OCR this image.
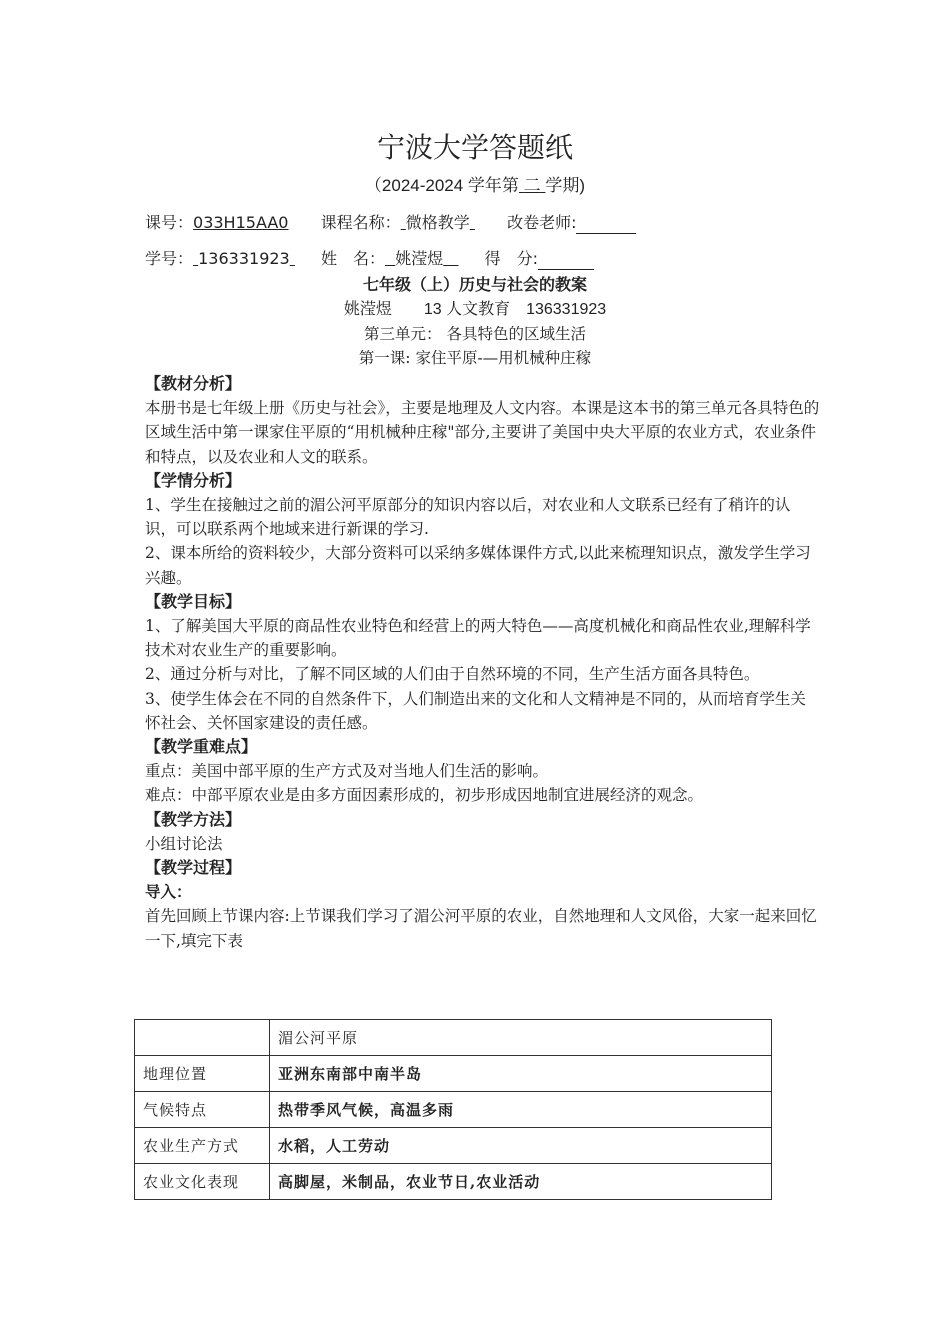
宁波大学答题纸
（2024-2024 学年第 二 学期)
课号：033H15AA0 课程名称： 微格教学 改卷老师:
学号： 136331923 姓　名： 姚滢煜	得　分:
七年级（上）历史与社会的教案
姚滢煜　　13 人文教育　136331923
第三单元： 各具特色的区域生活
第一课: 家住平原-—用机械种庄稼
【教材分析】

本册书是七年级上册《历史与社会》，主要是地理及人文内容。本课是这本书的第三单元各具特色的区域生活中第一课家住平原的“用机械种庄稼"部分,主要讲了美国中央大平原的农业方式，农业条件和特点，以及农业和人文的联系。

【学情分析】

1、学生在接触过之前的湄公河平原部分的知识内容以后，对农业和人文联系已经有了稍许的认识，可以联系两个地域来进行新课的学习.

2、课本所给的资料较少，大部分资料可以采纳多媒体课件方式,以此来梳理知识点，激发学生学习兴趣。

【教学目标】

1、了解美国大平原的商品性农业特色和经营上的两大特色——高度机械化和商品性农业,理解科学技术对农业生产的重要影响。

2、通过分析与对比，了解不同区域的人们由于自然环境的不同，生产生活方面各具特色。

3、使学生体会在不同的自然条件下，人们制造出来的文化和人文精神是不同的，从而培育学生关怀社会、关怀国家建设的责任感。

【教学重难点】

重点：美国中部平原的生产方式及对当地人们生活的影响。

难点：中部平原农业是由多方面因素形成的，初步形成因地制宜进展经济的观念。

【教学方法】

小组讨论法

【教学过程】

导入：

首先回顾上节课内容:上节课我们学习了湄公河平原的农业，自然地理和人文风俗，大家一起来回忆一下,填完下表

	湄公河平原
地理位置	亚洲东南部中南半岛
气候特点	热带季风气候，高温多雨
农业生产方式	水稻，人工劳动
农业文化表现	高脚屋，米制品，农业节日,农业活动
